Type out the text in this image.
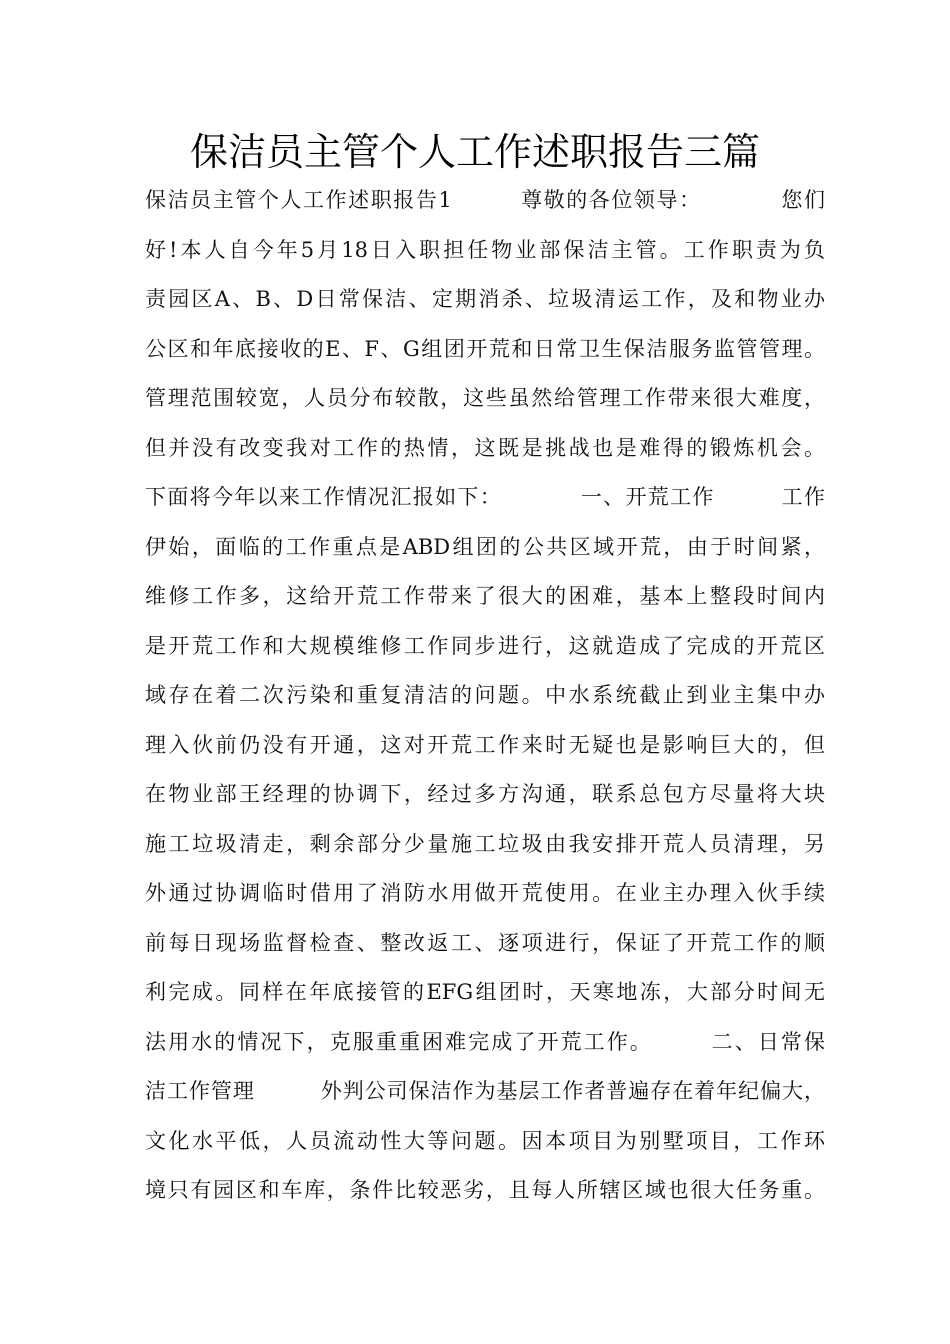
保洁员主管个人工作述职报告三篇
保洁员主管个人工作述职报告1　　　尊敬的各位领导：　　　　您们
好!本人自今年5月18日入职担任物业部保洁主管。工作职责为负
责园区A、B、D日常保洁、定期消杀、垃圾清运工作，及和物业办
公区和年底接收的E、F、G组团开荒和日常卫生保洁服务监管管理。
管理范围较宽，人员分布较散，这些虽然给管理工作带来很大难度，
但并没有改变我对工作的热情，这既是挑战也是难得的锻炼机会。
下面将今年以来工作情况汇报如下：　　　　一、开荒工作　　　工作
伊始，面临的工作重点是ABD组团的公共区域开荒，由于时间紧，
维修工作多，这给开荒工作带来了很大的困难，基本上整段时间内
是开荒工作和大规模维修工作同步进行，这就造成了完成的开荒区
域存在着二次污染和重复清洁的问题。中水系统截止到业主集中办
理入伙前仍没有开通，这对开荒工作来时无疑也是影响巨大的，但
在物业部王经理的协调下，经过多方沟通，联系总包方尽量将大块
施工垃圾清走，剩余部分少量施工垃圾由我安排开荒人员清理，另
外通过协调临时借用了消防水用做开荒使用。在业主办理入伙手续
前每日现场监督检查、整改返工、逐项进行，保证了开荒工作的顺
利完成。同样在年底接管的EFG组团时，天寒地冻，大部分时间无
法用水的情况下，克服重重困难完成了开荒工作。　　　二、日常保
洁工作管理　　　外判公司保洁作为基层工作者普遍存在着年纪偏大，
文化水平低，人员流动性大等问题。因本项目为别墅项目，工作环
境只有园区和车库，条件比较恶劣，且每人所辖区域也很大任务重。
